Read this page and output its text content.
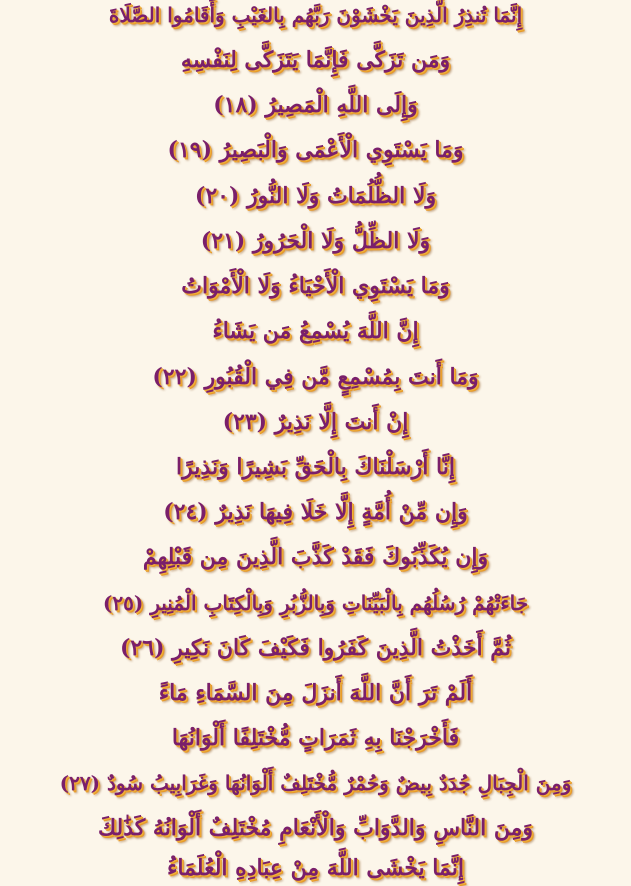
إِنَّمَا تُنذِرُ الَّذِينَ يَخْشَوْنَ رَبَّهُم بِالغَيْبِ وَأَقَامُوا الصَّلَاةَ
وَمَن تَزَكَّى فَإِنَّمَا يَتَزَكَّى لِنَفْسِهِ
وَإِلَى اللَّهِ الْمَصِيرُ (١٨)
وَمَا يَسْتَوِي الْأَعْمَى وَالْبَصِيرُ (١٩)
وَلَا الظُّلُمَاتُ وَلَا النُّورُ (٢٠)
وَلَا الظِّلُّ وَلَا الْحَرُورُ (٢١)
وَمَا يَسْتَوِي الْأَحْيَاءُ وَلَا الْأَمْوَاتُ
إِنَّ اللَّهَ يُسْمِعُ مَن يَشَاءُ
وَمَا أَنتَ بِمُسْمِعٍ مَّن فِي الْقُبُورِ (٢٢)
إِنْ أَنتَ إِلَّا نَذِيرٌ (٢٣)
إِنَّا أَرْسَلْنَاكَ بِالْحَقِّ بَشِيرًا وَنَذِيرًا
وَإِن مِّنْ أُمَّةٍ إِلَّا خَلَا فِيهَا نَذِيرٌ (٢٤)
وَإِن يُكَذِّبُوكَ فَقَدْ كَذَّبَ الَّذِينَ مِن قَبْلِهِمْ
جَاءَتْهُمْ رُسُلُهُم بِالْبَيِّنَاتِ وَبِالزُّبُرِ وَبِالْكِتَابِ الْمُنِيرِ (٢٥)
ثُمَّ أَخَذْتُ الَّذِينَ كَفَرُوا فَكَيْفَ كَانَ نَكِيرِ (٢٦)
أَلَمْ تَرَ أَنَّ اللَّهَ أَنزَلَ مِنَ السَّمَاءِ مَاءً
فَأَخْرَجْنَا بِهِ ثَمَرَاتٍ مُّخْتَلِفًا أَلْوَانُهَا
وَمِنَ الْجِبَالِ جُدَدٌ بِيضٌ وَحُمْرٌ مُّخْتَلِفٌ أَلْوَانُهَا وَغَرَابِيبُ سُودٌ (٢٧)
وَمِنَ النَّاسِ وَالدَّوَابِّ وَالْأَنْعَامِ مُخْتَلِفٌ أَلْوَانُهُ كَذَٰلِكَ
إِنَّمَا يَخْشَى اللَّهَ مِنْ عِبَادِهِ الْعُلَمَاءُ
